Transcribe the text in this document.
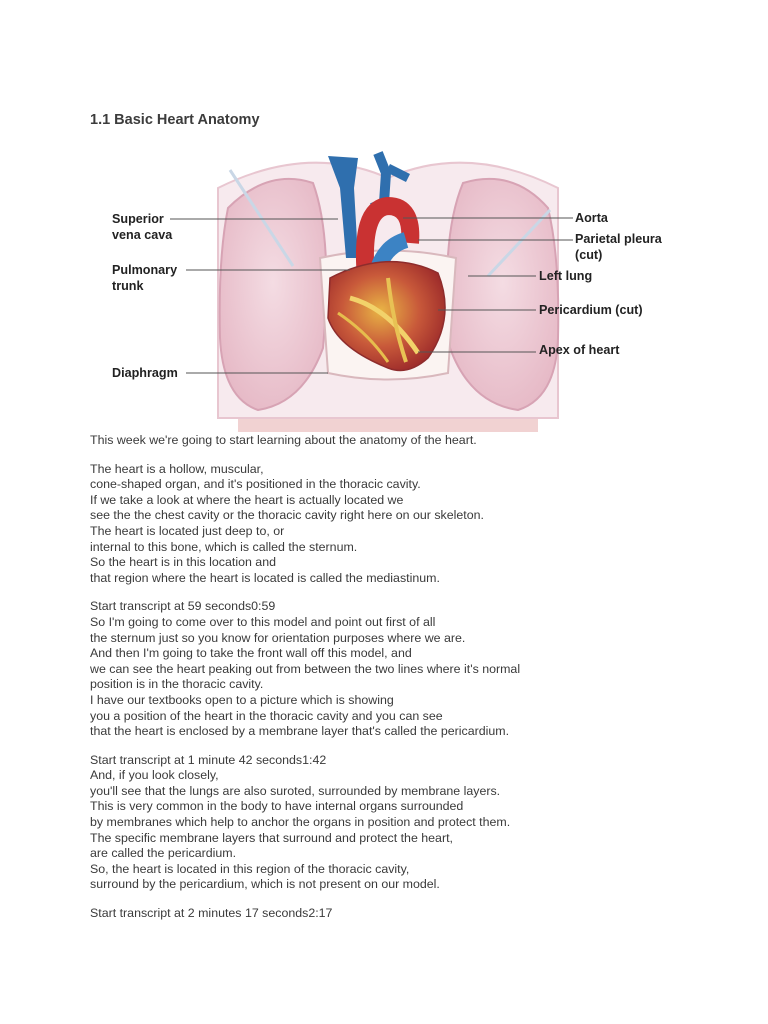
1.1 Basic Heart Anatomy
Superior
vena cava
Pulmonary
trunk
Diaphragm
Aorta
Parietal pleura
(cut)
Left lung
Pericardium (cut)
Apex of heart

This week we're going to start learning about the anatomy of the heart.

The heart is a hollow, muscular,
cone-shaped organ, and it's positioned in the thoracic cavity.
If we take a look at where the heart is actually located we
see the the chest cavity or the thoracic cavity right here on our skeleton.
The heart is located just deep to, or
internal to this bone, which is called the sternum.
So the heart is in this location and
that region where the heart is located is called the mediastinum.

Start transcript at 59 seconds0:59
So I'm going to come over to this model and point out first of all
the sternum just so you know for orientation purposes where we are.
And then I'm going to take the front wall off this model, and
we can see the heart peaking out from between the two lines where it's normal
position is in the thoracic cavity.
I have our textbooks open to a picture which is showing
you a position of the heart in the thoracic cavity and you can see
that the heart is enclosed by a membrane layer that's called the pericardium.

Start transcript at 1 minute 42 seconds1:42
And, if you look closely,
you'll see that the lungs are also suroted, surrounded by membrane layers.
This is very common in the body to have internal organs surrounded
by membranes which help to anchor the organs in position and protect them.
The specific membrane layers that surround and protect the heart,
are called the pericardium.
So, the heart is located in this region of the thoracic cavity,
surround by the pericardium, which is not present on our model.

Start transcript at 2 minutes 17 seconds2:17
